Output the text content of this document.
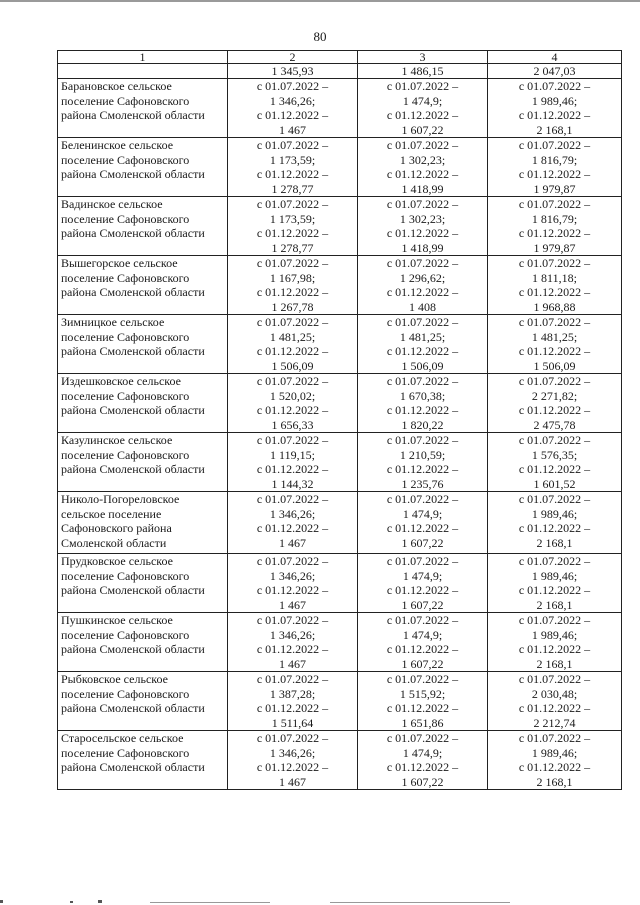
80
1	2	3	4
	1 345,93	1 486,15	2 047,03

Барановское сельское
поселение Сафоновского
района Смоленской области	с 01.07.2022 –
1 346,26;
с 01.12.2022 –
1 467	с 01.07.2022 –
1 474,9;
с 01.12.2022 –
1 607,22	с 01.07.2022 –
1 989,46;
с 01.12.2022 –
2 168,1

Беленинское сельское
поселение Сафоновского
района Смоленской области	с 01.07.2022 –
1 173,59;
с 01.12.2022 –
1 278,77	с 01.07.2022 –
1 302,23;
с 01.12.2022 –
1 418,99	с 01.07.2022 –
1 816,79;
с 01.12.2022 –
1 979,87

Вадинское сельское
поселение Сафоновского
района Смоленской области	с 01.07.2022 –
1 173,59;
с 01.12.2022 –
1 278,77	с 01.07.2022 –
1 302,23;
с 01.12.2022 –
1 418,99	с 01.07.2022 –
1 816,79;
с 01.12.2022 –
1 979,87

Вышегорское сельское
поселение Сафоновского
района Смоленской области	с 01.07.2022 –
1 167,98;
с 01.12.2022 –
1 267,78	с 01.07.2022 –
1 296,62;
с 01.12.2022 –
1 408	с 01.07.2022 –
1 811,18;
с 01.12.2022 –
1 968,88

Зимницкое сельское
поселение Сафоновского
района Смоленской области	с 01.07.2022 –
1 481,25;
с 01.12.2022 –
1 506,09	с 01.07.2022 –
1 481,25;
с 01.12.2022 –
1 506,09	с 01.07.2022 –
1 481,25;
с 01.12.2022 –
1 506,09

Издешковское сельское
поселение Сафоновского
района Смоленской области	с 01.07.2022 –
1 520,02;
с 01.12.2022 –
1 656,33	с 01.07.2022 –
1 670,38;
с 01.12.2022 –
1 820,22	с 01.07.2022 –
2 271,82;
с 01.12.2022 –
2 475,78

Казулинское сельское
поселение Сафоновского
района Смоленской области	с 01.07.2022 –
1 119,15;
с 01.12.2022 –
1 144,32	с 01.07.2022 –
1 210,59;
с 01.12.2022 –
1 235,76	с 01.07.2022 –
1 576,35;
с 01.12.2022 –
1 601,52

Николо-Погореловское
сельское поселение
Сафоновского района
Смоленской области	с 01.07.2022 –
1 346,26;
с 01.12.2022 –
1 467	с 01.07.2022 –
1 474,9;
с 01.12.2022 –
1 607,22	с 01.07.2022 –
1 989,46;
с 01.12.2022 –
2 168,1

Прудковское сельское
поселение Сафоновского
района Смоленской области	с 01.07.2022 –
1 346,26;
с 01.12.2022 –
1 467	с 01.07.2022 –
1 474,9;
с 01.12.2022 –
1 607,22	с 01.07.2022 –
1 989,46;
с 01.12.2022 –
2 168,1

Пушкинское сельское
поселение Сафоновского
района Смоленской области	с 01.07.2022 –
1 346,26;
с 01.12.2022 –
1 467	с 01.07.2022 –
1 474,9;
с 01.12.2022 –
1 607,22	с 01.07.2022 –
1 989,46;
с 01.12.2022 –
2 168,1

Рыбковское сельское
поселение Сафоновского
района Смоленской области	с 01.07.2022 –
1 387,28;
с 01.12.2022 –
1 511,64	с 01.07.2022 –
1 515,92;
с 01.12.2022 –
1 651,86	с 01.07.2022 –
2 030,48;
с 01.12.2022 –
2 212,74

Старосельское сельское
поселение Сафоновского
района Смоленской области	с 01.07.2022 –
1 346,26;
с 01.12.2022 –
1 467	с 01.07.2022 –
1 474,9;
с 01.12.2022 –
1 607,22	с 01.07.2022 –
1 989,46;
с 01.12.2022 –
2 168,1
